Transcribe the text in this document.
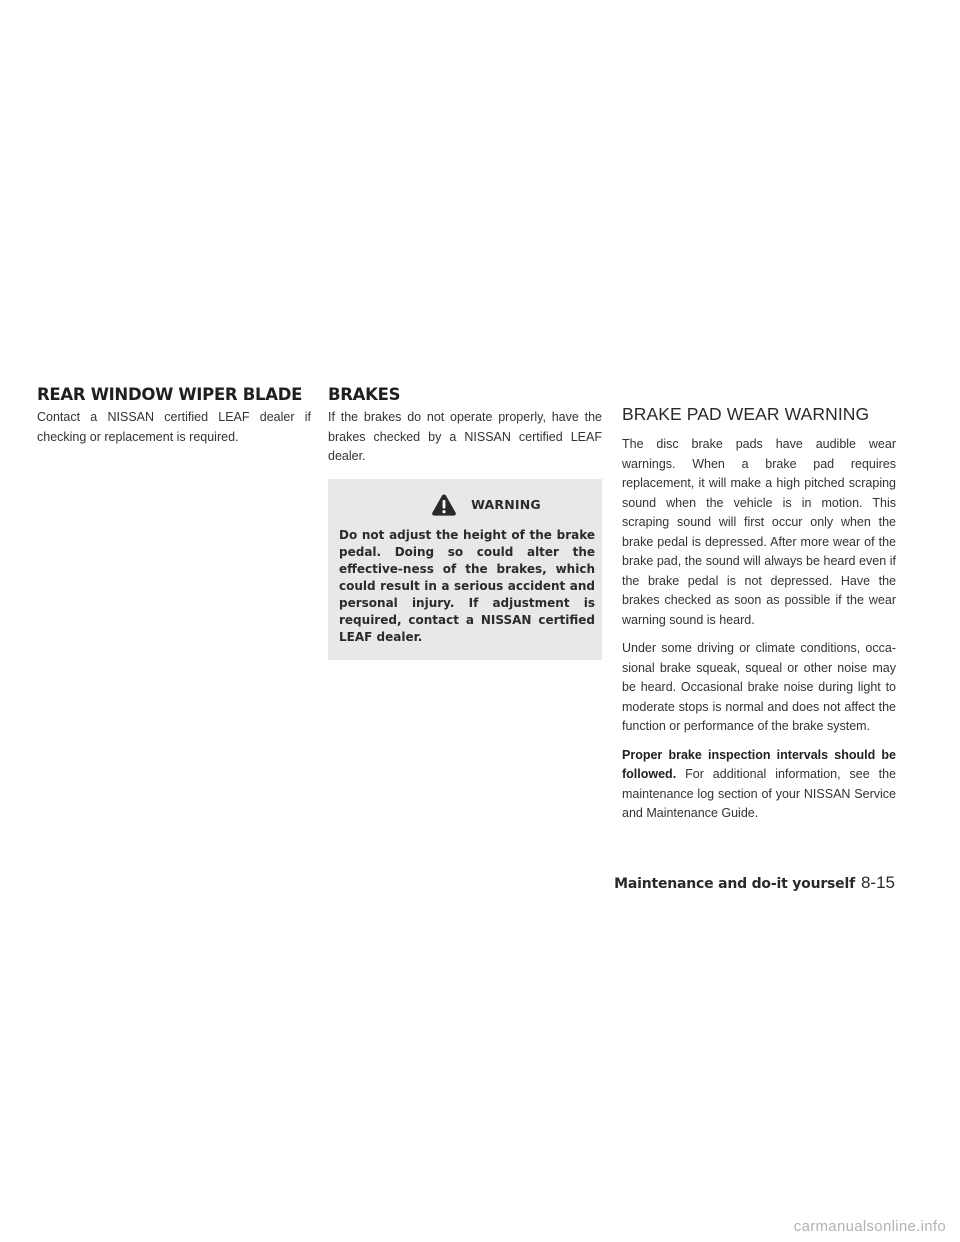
REAR WINDOW WIPER BLADE

Contact a NISSAN certified LEAF dealer if checking or replacement is required.

BRAKES

If the brakes do not operate properly, have the brakes checked by a NISSAN certified LEAF dealer.

WARNING

Do not adjust the height of the brake pedal. Doing so could alter the effective-ness of the brakes, which could result in a serious accident and personal injury. If adjustment is required, contact a NISSAN certified LEAF dealer.

BRAKE PAD WEAR WARNING

The disc brake pads have audible wear warnings. When a brake pad requires replacement, it will make a high pitched scraping sound when the vehicle is in motion. This scraping sound will first occur only when the brake pedal is depressed. After more wear of the brake pad, the sound will always be heard even if the brake pedal is not depressed. Have the brakes checked as soon as possible if the wear warning sound is heard.

Under some driving or climate conditions, occa-sional brake squeak, squeal or other noise may be heard. Occasional brake noise during light to moderate stops is normal and does not affect the function or performance of the brake system.

Proper brake inspection intervals should be followed. For additional information, see the maintenance log section of your NISSAN Service and Maintenance Guide.

Maintenance and do-it yourself 8-15
carmanualsonline.info
